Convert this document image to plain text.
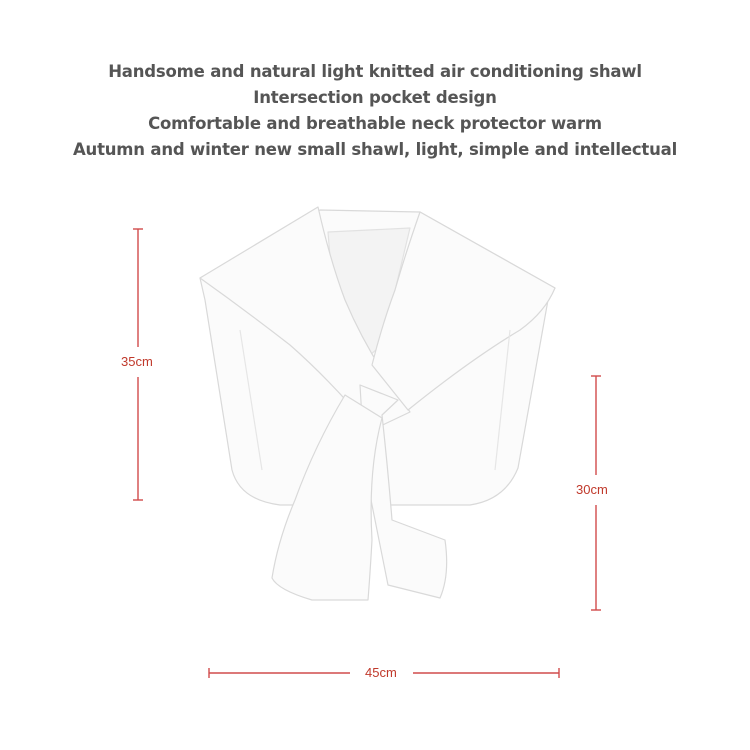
Handsome and natural light knitted air conditioning shawl
Intersection pocket design
Comfortable and breathable neck protector warm
Autumn and winter new small shawl, light, simple and intellectual
35cm
30cm
45cm
